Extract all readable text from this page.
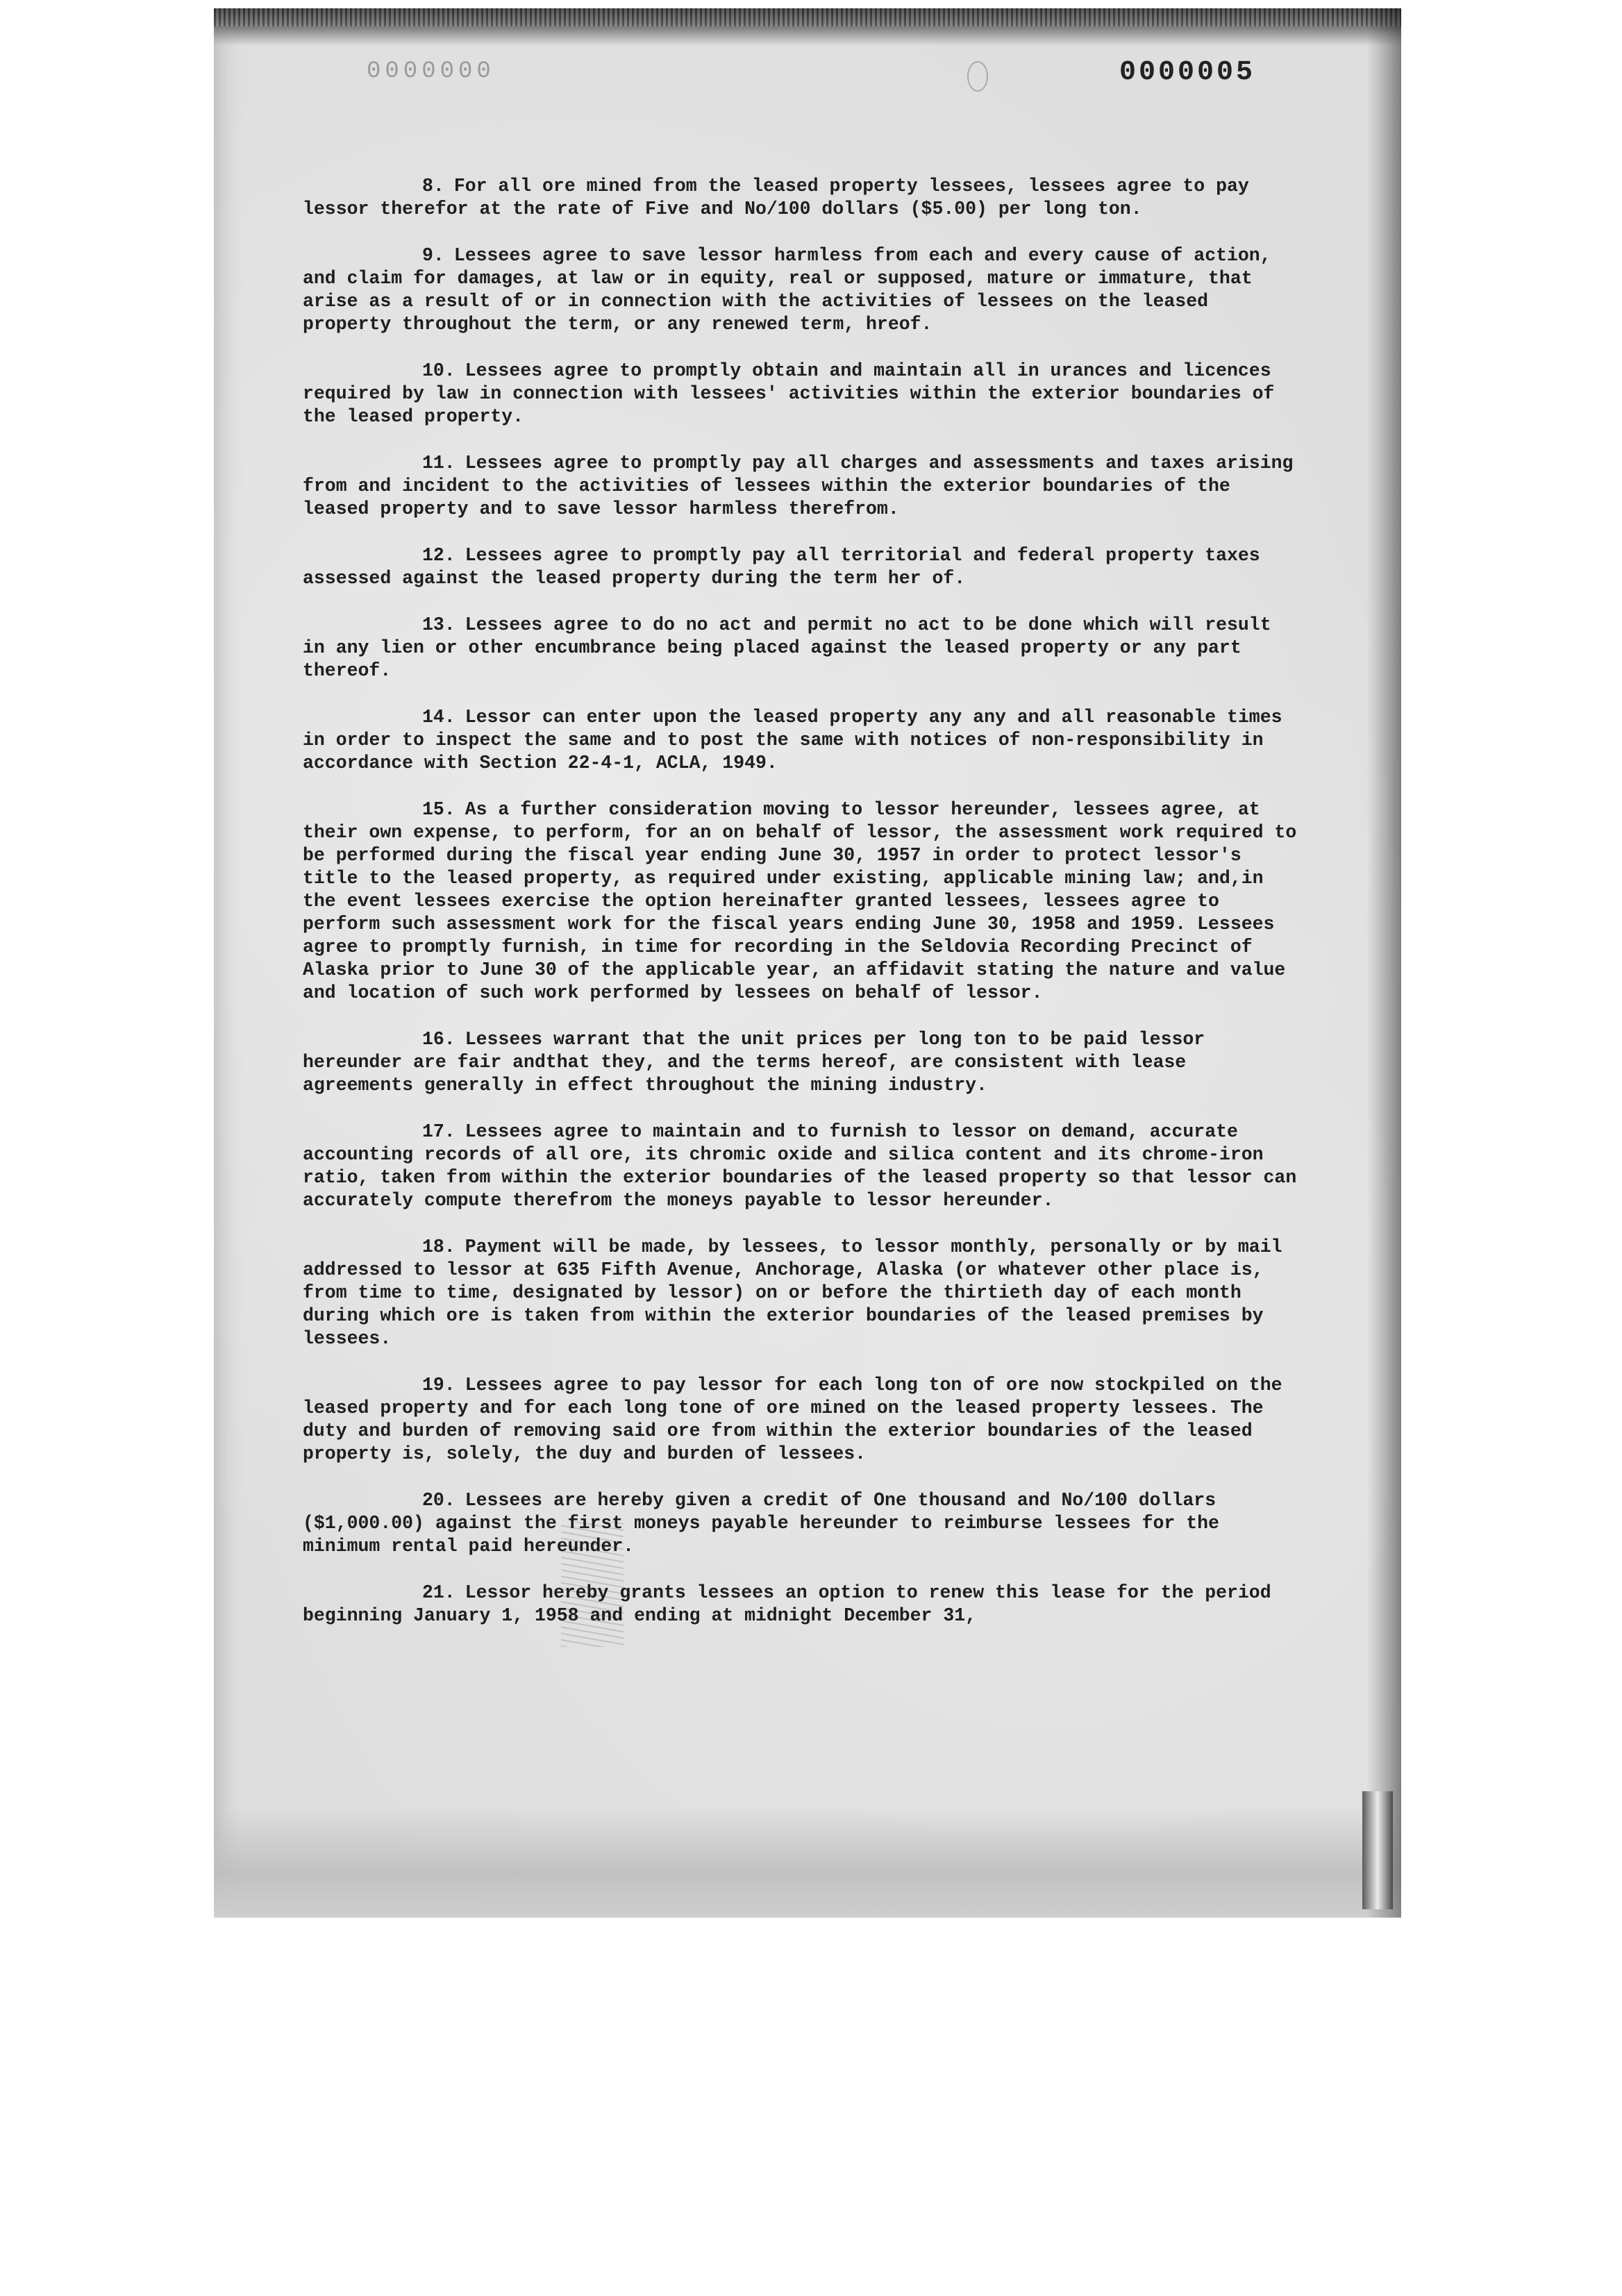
0000000	0000005

8. For all ore mined from the leased property lessees, lessees agree to pay lessor therefor at the rate of Five and No/100 dollars ($5.00) per long ton.

9. Lessees agree to save lessor harmless from each and every cause of action, and claim for damages, at law or in equity, real or supposed, mature or immature, that arise as a result of or in connection with the activities of lessees on the leased property throughout the term, or any renewed term, hreof.

10. Lessees agree to promptly obtain and maintain all in urances and licences required by law in connection with lessees' activities within the exterior boundaries of the leased property.

11. Lessees agree to promptly pay all charges and assessments and taxes arising from and incident to the activities of lessees within the exterior boundaries of the leased property and to save lessor harmless therefrom.

12. Lessees agree to promptly pay all territorial and federal property taxes assessed against the leased property during the term her of.

13. Lessees agree to do no act and permit no act to be done which will result in any lien or other encumbrance being placed against the leased property or any part thereof.

14. Lessor can enter upon the leased property any any and all reasonable times in order to inspect the same and to post the same with notices of non-responsibility in accordance with Section 22-4-1, ACLA, 1949.

15. As a further consideration moving to lessor hereunder, lessees agree, at their own expense, to perform, for an on behalf of lessor, the assessment work required to be performed during the fiscal year ending June 30, 1957 in order to protect lessor's title to the leased property, as required under existing, applicable mining law; and,in the event lessees exercise the option hereinafter granted lessees, lessees agree to perform such assessment work for the fiscal years ending June 30, 1958 and 1959. Lessees agree to promptly furnish, in time for recording in the Seldovia Recording Precinct of Alaska prior to June 30 of the applicable year, an affidavit stating the nature and value and location of such work performed by lessees on behalf of lessor.

16. Lessees warrant that the unit prices per long ton to be paid lessor hereunder are fair andthat they, and the terms hereof, are consistent with lease agreements generally in effect throughout the mining industry.

17. Lessees agree to maintain and to furnish to lessor on demand, accurate accounting records of all ore, its chromic oxide and silica content and its chrome-iron ratio, taken from within the exterior boundaries of the leased property so that lessor can accurately compute therefrom the moneys payable to lessor hereunder.

18. Payment will be made, by lessees, to lessor monthly, personally or by mail addressed to lessor at 635 Fifth Avenue, Anchorage, Alaska (or whatever other place is, from time to time, designated by lessor) on or before the thirtieth day of each month during which ore is taken from within the exterior boundaries of the leased premises by lessees.

19. Lessees agree to pay lessor for each long ton of ore now stockpiled on the leased property and for each long tone of ore mined on the leased property lessees. The duty and burden of removing said ore from within the exterior boundaries of the leased property is, solely, the duy and burden of lessees.

20. Lessees are hereby given a credit of One thousand and No/100 dollars ($1,000.00) against the first moneys payable hereunder to reimburse lessees for the minimum rental paid hereunder.

21. Lessor hereby grants lessees an option to renew this lease for the period beginning January 1, 1958 and ending at midnight December 31,
